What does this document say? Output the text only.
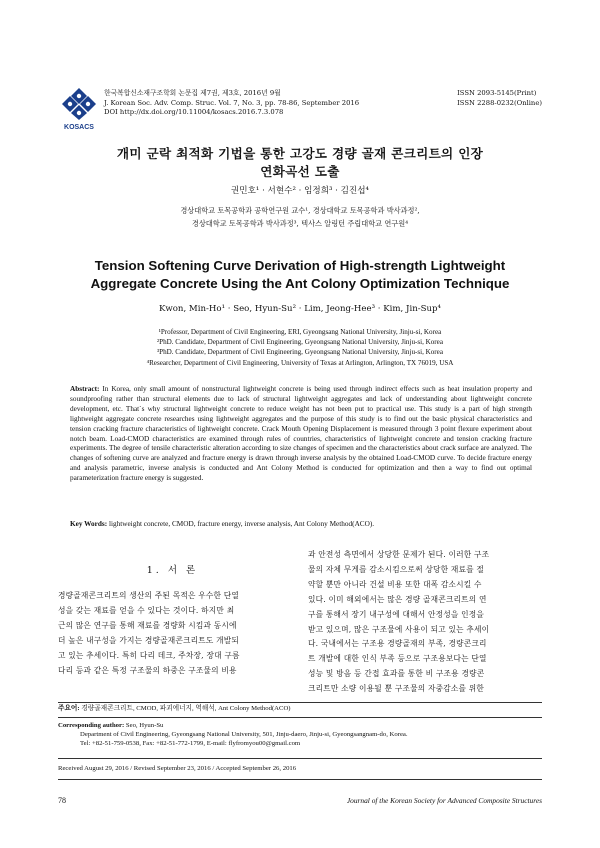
KOSACS
한국복합신소재구조학회 논문집 제7권, 제3호, 2016년 9월
J. Korean Soc. Adv. Comp. Struc. Vol. 7, No. 3, pp. 78-86, September 2016
DOI http://dx.doi.org/10.11004/kosacs.2016.7.3.078
ISSN 2093-5145(Print)
ISSN 2288-0232(Online)
개미 군락 최적화 기법을 통한 고강도 경량 골재 콘크리트의 인장
연화곡선 도출
권민호¹ · 서현수² · 임정희³ · 김진섭⁴
경상대학교 토목공학과 공학연구원 교수¹, 경상대학교 토목공학과 박사과정²,
경상대학교 토목공학과 박사과정³, 텍사스 알링턴 주립대학교 연구원⁴
Tension Softening Curve Derivation of High-strength Lightweight
Aggregate Concrete Using the Ant Colony Optimization Technique
Kwon, Min-Ho¹ · Seo, Hyun-Su² · Lim, Jeong-Hee³ · Kim, Jin-Sup⁴
¹Professor, Department of Civil Engineering, ERI, Gyeongsang National University, Jinju-si, Korea
²PhD. Candidate, Department of Civil Engineering, Gyeongsang National University, Jinju-si, Korea
³PhD. Candidate, Department of Civil Engineering, Gyeongsang National University, Jinju-si, Korea
⁴Researcher, Department of Civil Engineering, University of Texas at Arlington, Arlington, TX 76019, USA
Abstract: In Korea, only small amount of nonstructural lightweight concrete is being used through indirect effects such as heat insulation property and soundproofing rather than structural elements due to lack of structural lightweight aggregates and lack of understanding about lightweight concrete development, etc. That`s why structural lightweight concrete to reduce weight has not been put to practical use. This study is a part of high strength lightweight aggregate concrete researches using lightweight aggregates and the purpose of this study is to find out the basic physical characteristics and tension cracking fracture characteristics of lightweight concrete. Crack Mouth Opening Displacement is measured through 3 point flexure experiment about notch beam. Load-CMOD characteristics are examined through rules of countries, characteristics of lightweight concrete and tension cracking fracture experiments. The degree of tensile characteristic alteration according to size changes of specimen and the characteristics about crack surface are analyzed. The changes of softening curve are analyzed and fracture energy is drawn through inverse analysis by the obtained Load-CMOD curve. To decide fracture energy and analysis parametric, inverse analysis is conducted and Ant Colony Method is conducted for optimization and then a way to find out optimal parameterization fracture energy is suggested.
Key Words: lightweight concrete, CMOD, fracture energy, inverse analysis, Ant Colony Method(ACO).
1. 서 론
경량골재콘크리트의 생산의 주된 목적은 우수한 단열
성을 갖는 재료를 얻을 수 있다는 것이다. 하지만 최
근의 많은 연구를 통해 재료를 경량화 시킴과 동시에
더 높은 내구성을 가지는 경량골재콘크리트도 개발되
고 있는 추세이다. 특히 다리 데크, 주차장, 장대 구름
다리 등과 같은 특정 구조물의 하중은 구조물의 비용
과 안전성 측면에서 상당한 문제가 된다. 이러한 구조
물의 자체 무게를 감소시킴으로써 상당한 재료를 절
약할 뿐만 아니라 건설 비용 또한 대폭 감소시킬 수
있다. 이미 해외에서는 많은 경량 골재콘크리트의 연
구를 통해서 장기 내구성에 대해서 안정성을 인정을
받고 있으며, 많은 구조물에 사용이 되고 있는 추세이
다. 국내에서는 구조용 경량골재의 부족, 경량콘크리
트 개발에 대한 인식 부족 등으로 구조용보다는 단열
성능 및 방음 등 간접 효과를 통한 비 구조용 경량콘
크리트만 소량 이용될 뿐 구조물의 자중감소를 위한
주요어: 경량골재콘크리트, CMOD, 파괴에너지, 역해석, Ant Colony Method(ACO)
Corresponding author: Seo, Hyun-Su
Department of Civil Engineering, Gyeongsang National University, 501, Jinju-daero, Jinju-si, Gyeongsangnam-do, Korea.
Tel: +82-51-759-0538, Fax: +82-51-772-1799, E-mail: flyfromyou00@gmail.com
Received August 29, 2016 / Revised September 23, 2016 / Accepted September 26, 2016
78	Journal of the Korean Society for Advanced Composite Structures
